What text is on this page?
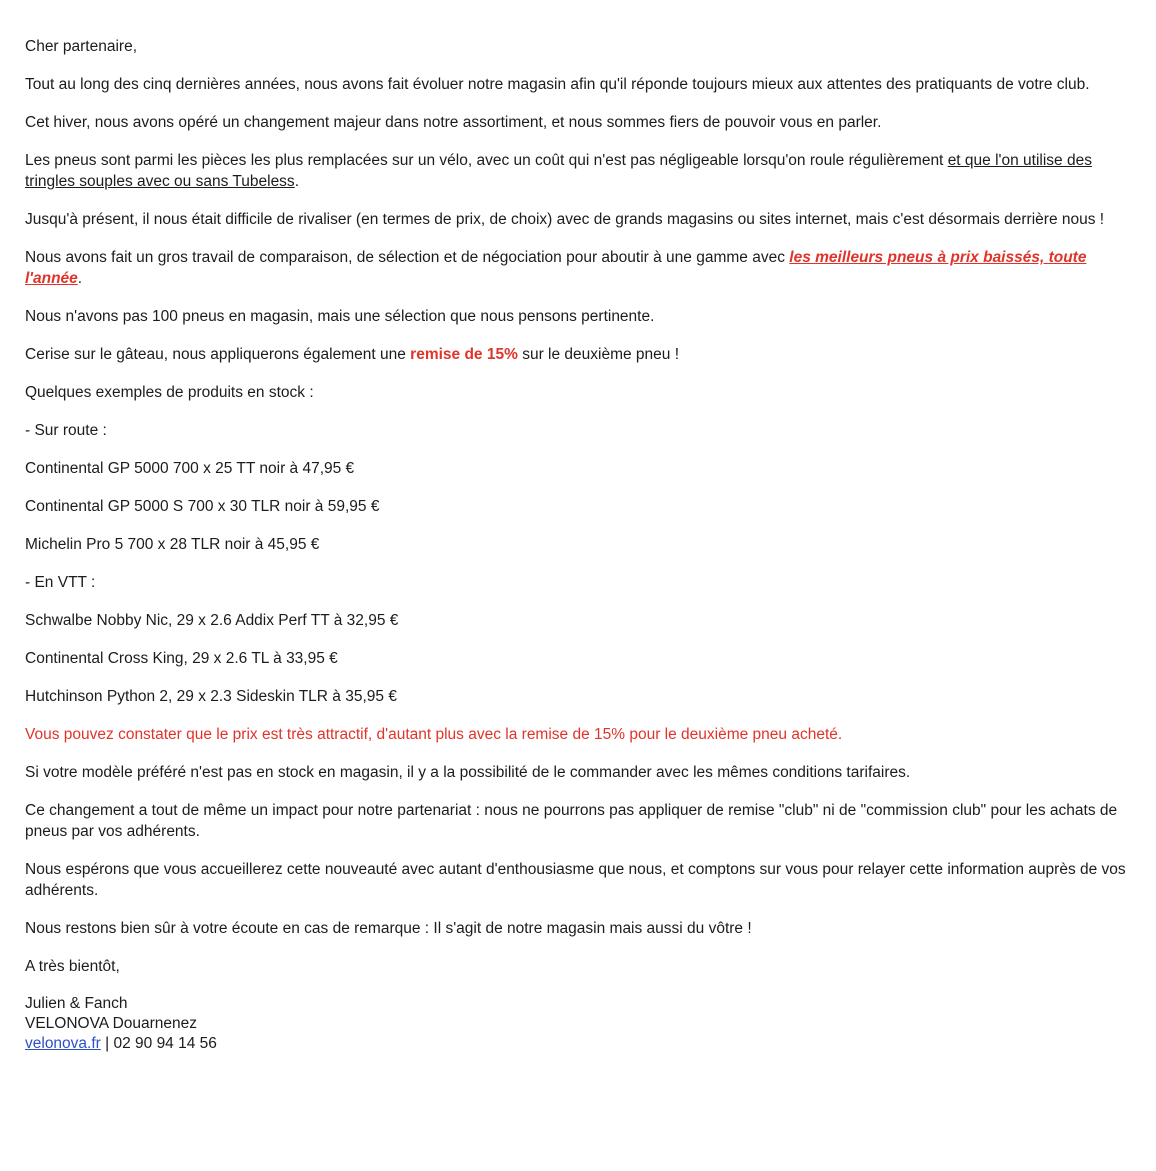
Cher partenaire,

Tout au long des cinq dernières années, nous avons fait évoluer notre magasin afin qu'il réponde toujours mieux aux attentes des pratiquants de votre club.

Cet hiver, nous avons opéré un changement majeur dans notre assortiment, et nous sommes fiers de pouvoir vous en parler.

Les pneus sont parmi les pièces les plus remplacées sur un vélo, avec un coût qui n'est pas négligeable lorsqu'on roule régulièrement et que l'on utilise des tringles souples avec ou sans Tubeless.

Jusqu'à présent, il nous était difficile de rivaliser (en termes de prix, de choix) avec de grands magasins ou sites internet, mais c'est désormais derrière nous !

Nous avons fait un gros travail de comparaison, de sélection et de négociation pour aboutir à une gamme avec les meilleurs pneus à prix baissés, toute l'année.

Nous n'avons pas 100 pneus en magasin, mais une sélection que nous pensons pertinente.

Cerise sur le gâteau, nous appliquerons également une remise de 15% sur le deuxième pneu !

Quelques exemples de produits en stock :

- Sur route :

Continental GP 5000 700 x 25 TT noir à 47,95 €

Continental GP 5000 S 700 x 30 TLR noir à 59,95 €

Michelin Pro 5 700 x 28 TLR noir à 45,95 €

- En VTT :

Schwalbe Nobby Nic, 29 x 2.6 Addix Perf TT à 32,95 €

Continental Cross King, 29 x 2.6 TL à 33,95 €

Hutchinson Python 2, 29 x 2.3 Sideskin TLR à 35,95 €

Vous pouvez constater que le prix est très attractif, d'autant plus avec la remise de 15% pour le deuxième pneu acheté.

Si votre modèle préféré n'est pas en stock en magasin, il y a la possibilité de le commander avec les mêmes conditions tarifaires.

Ce changement a tout de même un impact pour notre partenariat : nous ne pourrons pas appliquer de remise "club" ni de "commission club" pour les achats de pneus par vos adhérents.

Nous espérons que vous accueillerez cette nouveauté avec autant d'enthousiasme que nous, et comptons sur vous pour relayer cette information auprès de vos adhérents.

Nous restons bien sûr à votre écoute en cas de remarque : Il s'agit de notre magasin mais aussi du vôtre !

A très bientôt,

Julien & Fanch
VELONOVA Douarnenez
velonova.fr | 02 90 94 14 56
